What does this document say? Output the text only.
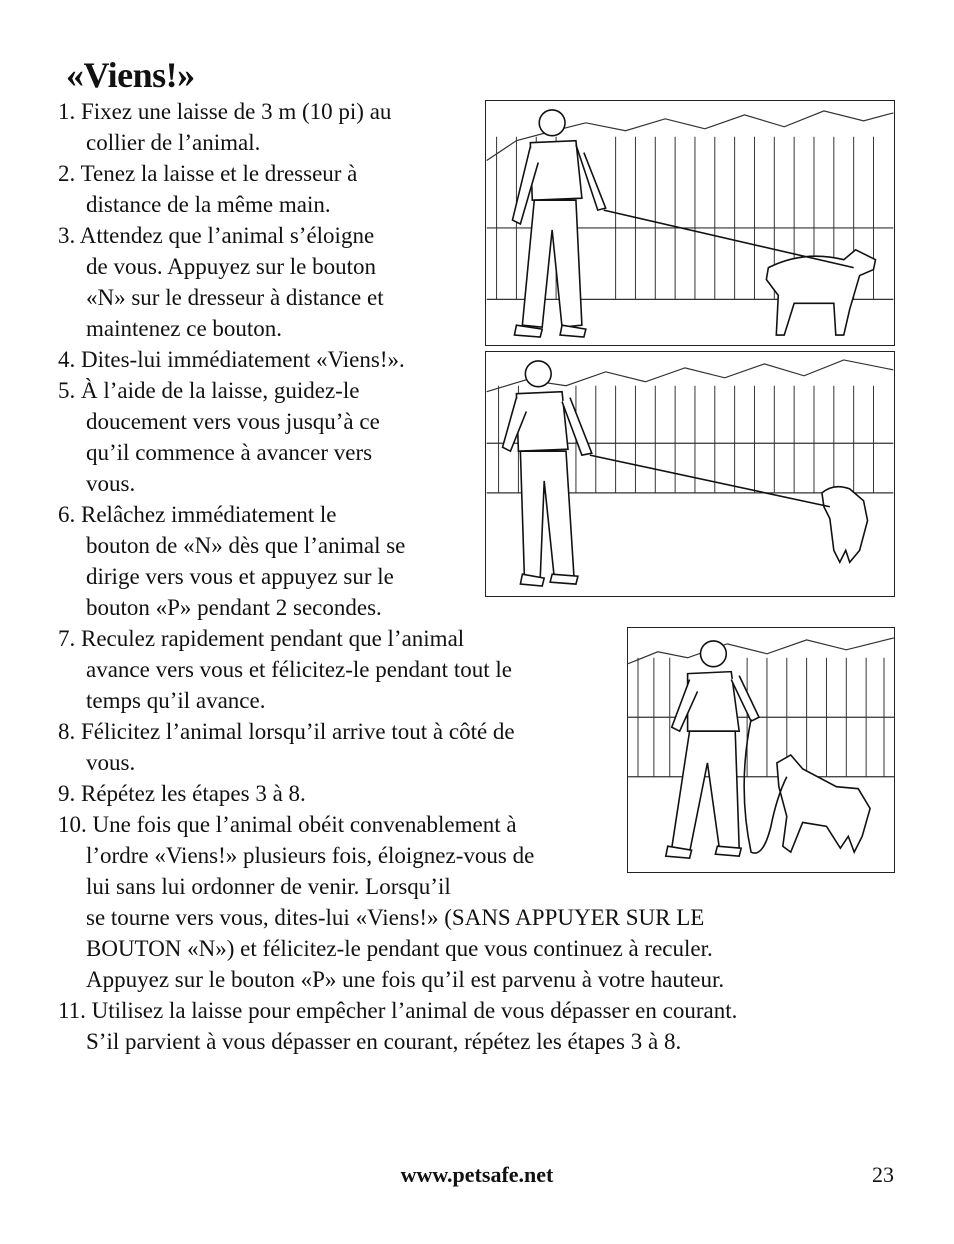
«Viens!»
1. Fixez une laisse de 3 m (10 pi) au
collier de l’animal.
2. Tenez la laisse et le dresseur à
distance de la même main.
3. Attendez que l’animal s’éloigne
de vous. Appuyez sur le bouton
«N» sur le dresseur à distance et
maintenez ce bouton.
4. Dites-lui immédiatement «Viens!».
5. À l’aide de la laisse, guidez-le
doucement vers vous jusqu’à ce
qu’il commence à avancer vers
vous.
6. Relâchez immédiatement le
bouton de «N» dès que l’animal se
dirige vers vous et appuyez sur le
bouton «P» pendant 2 secondes.
7. Reculez rapidement pendant que l’animal
avance vers vous et félicitez-le pendant tout le
temps qu’il avance.
8. Félicitez l’animal lorsqu’il arrive tout à côté de
vous.
9. Répétez les étapes 3 à 8.
10. Une fois que l’animal obéit convenablement à
l’ordre «Viens!» plusieurs fois, éloignez-vous de
lui sans lui ordonner de venir. Lorsqu’il
se tourne vers vous, dites-lui «Viens!» (SANS APPUYER SUR LE
BOUTON «N») et félicitez-le pendant que vous continuez à reculer.
Appuyez sur le bouton «P» une fois qu’il est parvenu à votre hauteur.
11. Utilisez la laisse pour empêcher l’animal de vous dépasser en courant.
S’il parvient à vous dépasser en courant, répétez les étapes 3 à 8.
www.petsafe.net	23
